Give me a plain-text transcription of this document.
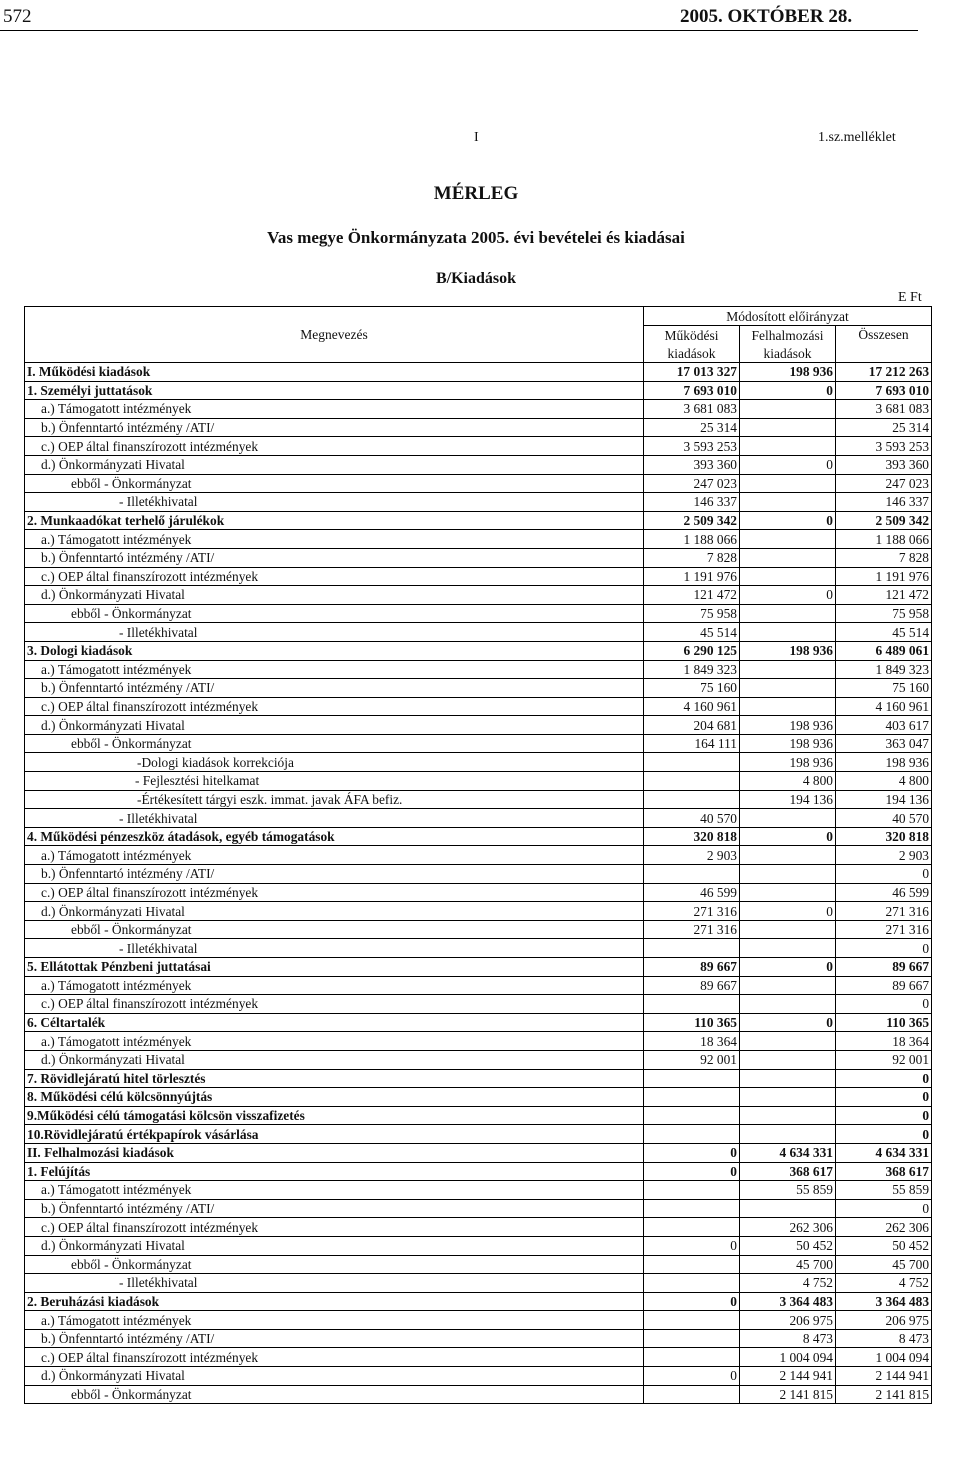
572	2005. OKTÓBER 28.
I	1.sz.melléklet
MÉRLEG
Vas megye Önkormányzata 2005. évi bevételei és kiadásai
B/Kiadások
E Ft
Megnevezés	Módosított előirányzat		
	Működési	Felhalmozási	Összesen
	kiadások	kiadások	
I. Működési kiadások	17 013 327	198 936	17 212 263
1. Személyi juttatások	7 693 010	0	7 693 010
a.) Támogatott intézmények	3 681 083		3 681 083
b.) Önfenntartó intézmény /ATI/	25 314		25 314
c.) OEP által finanszírozott intézmények	3 593 253		3 593 253
d.) Önkormányzati Hivatal	393 360	0	393 360
ebből - Önkormányzat	247 023		247 023
- Illetékhivatal	146 337		146 337
2. Munkaadókat terhelő járulékok	2 509 342	0	2 509 342
a.) Támogatott intézmények	1 188 066		1 188 066
b.) Önfenntartó intézmény /ATI/	7 828		7 828
c.) OEP által finanszírozott intézmények	1 191 976		1 191 976
d.) Önkormányzati Hivatal	121 472	0	121 472
ebből - Önkormányzat	75 958		75 958
- Illetékhivatal	45 514		45 514
3. Dologi kiadások	6 290 125	198 936	6 489 061
a.) Támogatott intézmények	1 849 323		1 849 323
b.) Önfenntartó intézmény /ATI/	75 160		75 160
c.) OEP által finanszírozott intézmények	4 160 961		4 160 961
d.) Önkormányzati Hivatal	204 681	198 936	403 617
ebből - Önkormányzat	164 111	198 936	363 047
-Dologi kiadások korrekciója		198 936	198 936
- Fejlesztési hitelkamat		4 800	4 800
-Értékesített tárgyi eszk. immat. javak ÁFA befiz.		194 136	194 136
- Illetékhivatal	40 570		40 570
4. Működési pénzeszköz átadások, egyéb támogatások	320 818	0	320 818
a.) Támogatott intézmények	2 903		2 903
b.) Önfenntartó intézmény /ATI/			0
c.) OEP által finanszírozott intézmények	46 599		46 599
d.) Önkormányzati Hivatal	271 316	0	271 316
ebből - Önkormányzat	271 316		271 316
- Illetékhivatal			0
5. Ellátottak Pénzbeni juttatásai	89 667	0	89 667
a.) Támogatott intézmények	89 667		89 667
c.) OEP által finanszírozott intézmények			0
6. Céltartalék	110 365	0	110 365
a.) Támogatott intézmények	18 364		18 364
d.) Önkormányzati Hivatal	92 001		92 001
7. Rövidlejáratú hitel törlesztés			0
8. Működési célú kölcsönnyújtás			0
9.Működési célú támogatási kölcsön visszafizetés			0
10.Rövidlejáratú értékpapírok vásárlása			0
II. Felhalmozási kiadások	0	4 634 331	4 634 331
1. Felújítás	0	368 617	368 617
a.) Támogatott intézmények		55 859	55 859
b.) Önfenntartó intézmény /ATI/			0
c.) OEP által finanszírozott intézmények		262 306	262 306
d.) Önkormányzati Hivatal	0	50 452	50 452
ebből - Önkormányzat		45 700	45 700
- Illetékhivatal		4 752	4 752
2. Beruházási kiadások	0	3 364 483	3 364 483
a.) Támogatott intézmények		206 975	206 975
b.) Önfenntartó intézmény /ATI/		8 473	8 473
c.) OEP által finanszírozott intézmények		1 004 094	1 004 094
d.) Önkormányzati Hivatal	0	2 144 941	2 144 941
ebből - Önkormányzat		2 141 815	2 141 815
